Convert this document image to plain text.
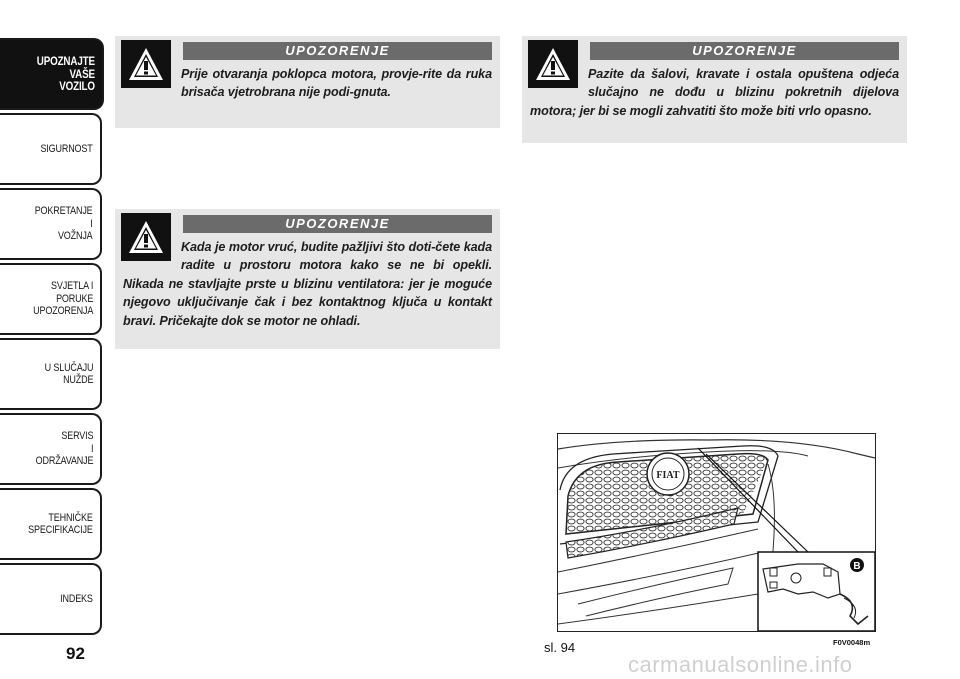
UPOZNAJTE
VAŠE
VOZILO
SIGURNOST
POKRETANJE
I
VOŽNJA
SVJETLA I
PORUKE
UPOZORENJA
U SLUČAJU
NUŽDE
SERVIS
I
ODRŽAVANJE
TEHNIČKE
SPECIFIKACIJE
INDEKS
92
UPOZORENJE

Prije otvaranja poklopca motora, provje-rite da ruka brisača vjetrobrana nije podi-gnuta.

UPOZORENJE

Kada je motor vruć, budite pažljivi što doti-čete kada radite u prostoru motora kako se ne bi opekli. Nikada ne stavljajte prste u blizinu ventilatora: jer je moguće njegovo uključivanje čak i bez kontaktnog ključa u kontakt bravi. Pričekajte dok se motor ne ohladi.

UPOZORENJE

Pazite da šalovi, kravate i ostala opuštena odjeća slučajno ne dođu u blizinu pokretnih dijelova motora; jer bi se mogli zahvatiti što može biti vrlo opasno.

FIAT
B
sl. 94	F0V0048m
carmanualsonline.info
